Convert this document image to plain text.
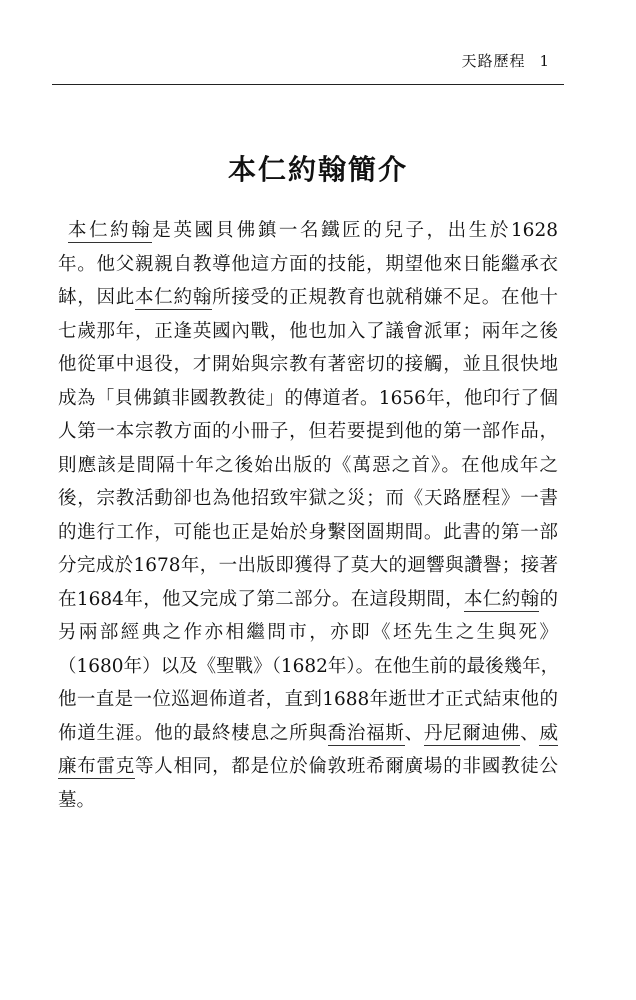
天路歷程 1
本仁約翰簡介
本仁約翰是英國貝佛鎮一名鐵匠的兒子，出生於1628
年。他父親親自教導他這方面的技能，期望他來日能繼承衣
缽，因此本仁約翰所接受的正規教育也就稍嫌不足。在他十
七歲那年，正逢英國內戰，他也加入了議會派軍；兩年之後
他從軍中退役，才開始與宗教有著密切的接觸，並且很快地
成為「貝佛鎮非國教教徒」的傳道者。1656年，他印行了個
人第一本宗教方面的小冊子，但若要提到他的第一部作品，
則應該是間隔十年之後始出版的《萬惡之首》。在他成年之
後，宗教活動卻也為他招致牢獄之災；而《天路歷程》一書
的進行工作，可能也正是始於身繫囹圄期間。此書的第一部
分完成於1678年，一出版即獲得了莫大的迴響與讚譽；接著
在1684年，他又完成了第二部分。在這段期間，本仁約翰的
另兩部經典之作亦相繼問市，亦即《坯先生之生與死》
（1680年）以及《聖戰》（1682年）。在他生前的最後幾年，
他一直是一位巡迴佈道者，直到1688年逝世才正式結束他的
佈道生涯。他的最終棲息之所與喬治福斯、丹尼爾迪佛、威
廉布雷克等人相同，都是位於倫敦班希爾廣場的非國教徒公
墓。
